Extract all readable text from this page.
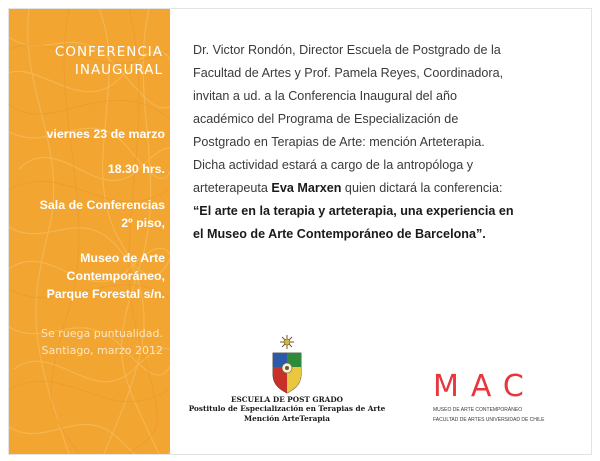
CONFERENCIA
INAUGURAL
viernes 23 de marzo
18.30 hrs.
Sala de Conferencias
2º piso,
Museo de Arte
Contemporáneo,
Parque Forestal s/n.
Se ruega puntualidad.
Santiago, marzo 2012
Dr. Victor Rondón, Director Escuela de Postgrado de la
Facultad de Artes y Prof. Pamela Reyes, Coordinadora,
invitan a ud. a la Conferencia Inaugural del año
académico del Programa de Especialización de
Postgrado en Terapias de Arte: mención Arteterapia.
Dicha actividad estará a cargo de la antropóloga y
arteterapeuta Eva Marxen quien dictará la conferencia:
“El arte en la terapia y arteterapia, una experiencia en
el Museo de Arte Contemporáneo de Barcelona”.
ESCUELA DE POST GRADO
Postitulo de Especialización en Terapias de Arte
Mención ArteTerapia
MAC
MUSEO DE ARTE CONTEMPORÁNEO
FACULTAD DE ARTES UNIVERSIDAD DE CHILE
